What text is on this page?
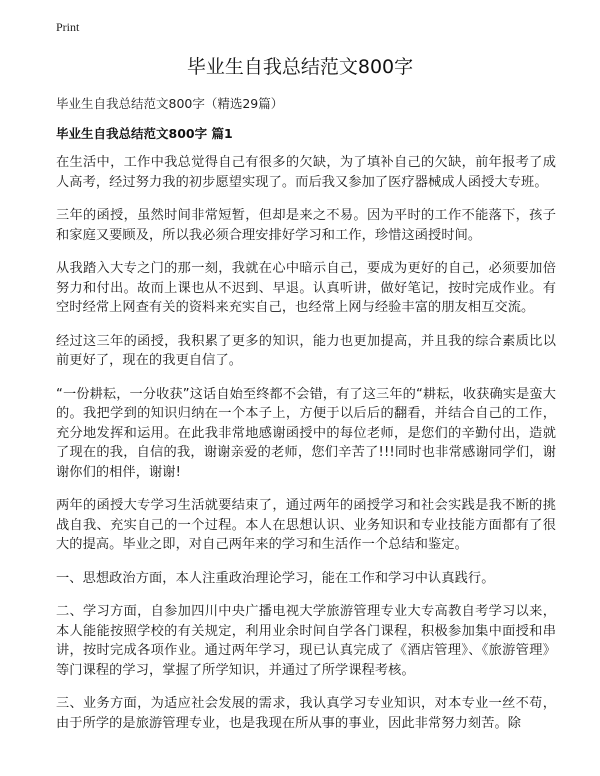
Print
毕业生自我总结范文800字
毕业生自我总结范文800字（精选29篇）
毕业生自我总结范文800字 篇1

在生活中，工作中我总觉得自己有很多的欠缺，为了填补自己的欠缺，前年报考了成人高考，经过努力我的初步愿望实现了。而后我又参加了医疗器械成人函授大专班。

三年的函授，虽然时间非常短暂，但却是来之不易。因为平时的工作不能落下，孩子和家庭又要顾及，所以我必须合理安排好学习和工作，珍惜这函授时间。

从我踏入大专之门的那一刻，我就在心中暗示自己，要成为更好的自己，必须要加倍努力和付出。故而上课也从不迟到、早退。认真听讲，做好笔记，按时完成作业。有空时经常上网查有关的资料来充实自己，也经常上网与经验丰富的朋友相互交流。

经过这三年的函授，我积累了更多的知识，能力也更加提高，并且我的综合素质比以前更好了，现在的我更自信了。

“一份耕耘，一分收获”这话自始至终都不会错，有了这三年的“耕耘，收获确实是蛮大的。我把学到的知识归纳在一个本子上，方便于以后后的翻看，并结合自己的工作，充分地发挥和运用。在此我非常地感谢函授中的每位老师，是您们的辛勤付出，造就了现在的我，自信的我，谢谢亲爱的老师，您们辛苦了!!!同时也非常感谢同学们，谢谢你们的相伴，谢谢!

两年的函授大专学习生活就要结束了，通过两年的函授学习和社会实践是我不断的挑战自我、充实自己的一个过程。本人在思想认识、业务知识和专业技能方面都有了很大的提高。毕业之即，对自己两年来的学习和生活作一个总结和鉴定。

一、思想政治方面，本人注重政治理论学习，能在工作和学习中认真践行。

二、学习方面，自参加四川中央广播电视大学旅游管理专业大专高教自考学习以来，本人能能按照学校的有关规定，利用业余时间自学各门课程，积极参加集中面授和串讲，按时完成各项作业。通过两年学习，现已认真完成了《酒店管理》、《旅游管理》等门课程的学习，掌握了所学知识，并通过了所学课程考核。

三、业务方面，为适应社会发展的需求，我认真学习专业知识，对本专业一丝不苟，由于所学的是旅游管理专业，也是我现在所从事的事业，因此非常努力刻苦。除
